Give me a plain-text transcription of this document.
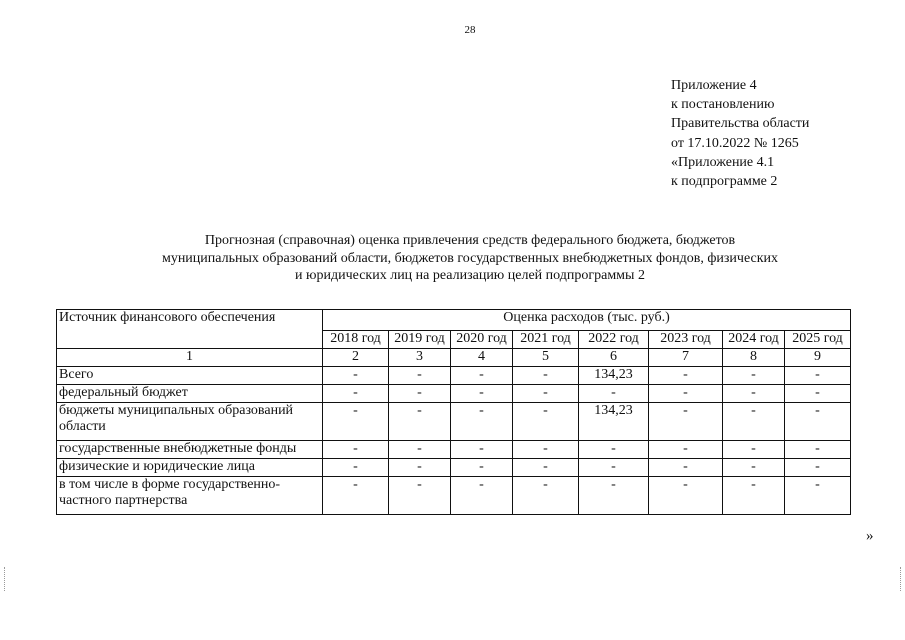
28
Приложение 4
к постановлению
Правительства области
от 17.10.2022 № 1265
«Приложение 4.1
к подпрограмме 2
Прогнозная (справочная) оценка привлечения средств федерального бюджета, бюджетов
муниципальных образований области, бюджетов государственных внебюджетных фондов, физических
и юридических лиц на реализацию целей подпрограммы 2
Источник финансового обеспечения	Оценка расходов (тыс. руб.)							
	2018 год	2019 год	2020 год	2021 год	2022 год	2023 год	2024 год	2025 год
1	2	3	4	5	6	7	8	9
Всего	-	-	-	-	134,23	-	-	-
федеральный бюджет	-	-	-	-	-	-	-	-
бюджеты муниципальных образований области	-	-	-	-	134,23	-	-	-
государственные внебюджетные фонды	-	-	-	-	-	-	-	-
физические и юридические лица	-	-	-	-	-	-	-	-
в том числе в форме государственно-частного партнерства	-	-	-	-	-	-	-	-
»
